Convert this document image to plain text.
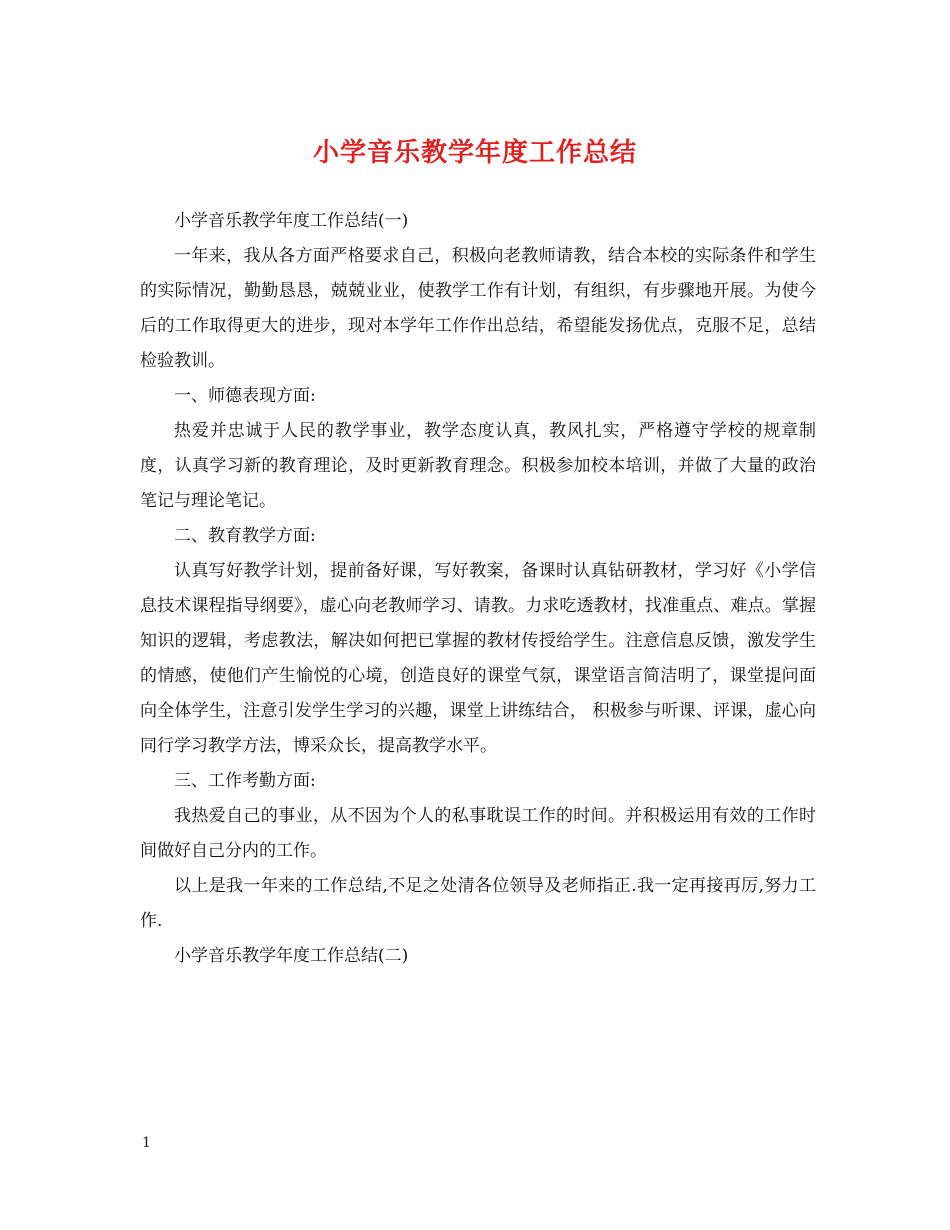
小学音乐教学年度工作总结

小学音乐教学年度工作总结(一)

一年来，我从各方面严格要求自己，积极向老教师请教，结合本校的实际条件和学生的实际情况，勤勤恳恳，兢兢业业，使教学工作有计划，有组织，有步骤地开展。为使今后的工作取得更大的进步，现对本学年工作作出总结，希望能发扬优点，克服不足，总结检验教训。

一、师德表现方面:

热爱并忠诚于人民的教学事业，教学态度认真，教风扎实，严格遵守学校的规章制度，认真学习新的教育理论，及时更新教育理念。积极参加校本培训，并做了大量的政治笔记与理论笔记。

二、教育教学方面:

认真写好教学计划，提前备好课，写好教案，备课时认真钻研教材，学习好《小学信息技术课程指导纲要》，虚心向老教师学习、请教。力求吃透教材，找准重点、难点。掌握知识的逻辑，考虑教法，解决如何把已掌握的教材传授给学生。注意信息反馈，激发学生的情感，使他们产生愉悦的心境，创造良好的课堂气氛，课堂语言简洁明了，课堂提问面向全体学生，注意引发学生学习的兴趣，课堂上讲练结合， 积极参与听课、评课，虚心向同行学习教学方法，博采众长，提高教学水平。

三、工作考勤方面:

我热爱自己的事业，从不因为个人的私事耽误工作的时间。并积极运用有效的工作时间做好自己分内的工作。

以上是我一年来的工作总结,不足之处清各位领导及老师指正.我一定再接再厉,努力工作.

小学音乐教学年度工作总结(二)

1
